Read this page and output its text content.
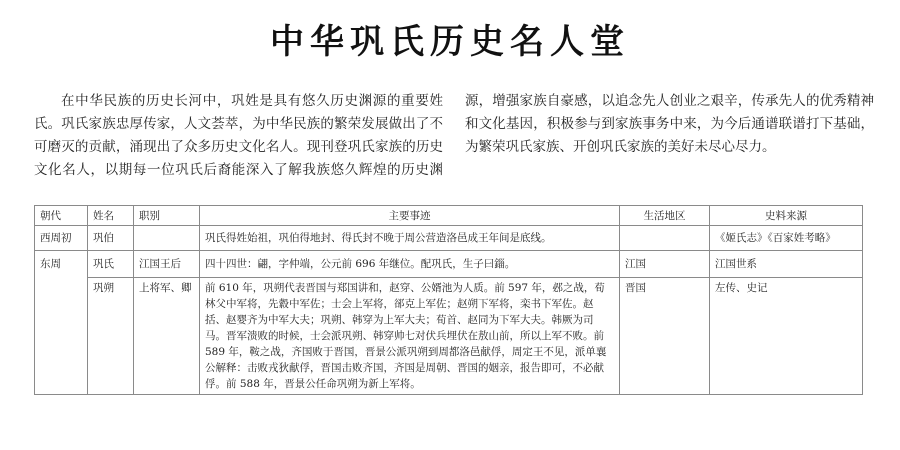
中华巩氏历史名人堂

在中华民族的历史长河中，巩姓是具有悠久历史渊源的重要姓氏。巩氏家族忠厚传家，人文荟萃，为中华民族的繁荣发展做出了不可磨灭的贡献，涌现出了众多历史文化名人。现刊登巩氏家族的历史文化名人，以期每一位巩氏后裔能深入了解我族悠久辉煌的历史渊源，增强家族自豪感，以追念先人创业之艰辛，传承先人的优秀精神和文化基因，积极参与到家族事务中来，为今后通谱联谱打下基础，为繁荣巩氏家族、开创巩氏家族的美好未尽心尽力。

朝代	姓名	职别	主要事迹	生活地区	史料来源
西周初	巩伯		巩氏得姓始祖，巩伯得地封、得氏封不晚于周公营造洛邑成王年间是底线。		《姬氏志》《百家姓考略》
东周	巩氏	江国王后	四十四世：翩，字仲端，公元前 696 年继位。配巩氏，生子曰錙。	江国	江国世系
	巩朔	上将军、卿	前 610 年，巩朔代表晋国与郑国讲和，赵穿、公婿池为人质。前 597 年，邲之战，荀林父中军将，先縠中军佐；士会上军将，郤克上军佐；赵朔下军将，栾书下军佐。赵括、赵婴齐为中军大夫；巩朔、韩穿为上军大夫；荀首、赵同为下军大夫。韩厥为司马。晋军溃败的时候，士会派巩朔、韩穿帅七对伏兵埋伏在敖山前，所以上军不败。前 589 年，鞍之战，齐国败于晋国，晋景公派巩朔到周都洛邑献俘，周定王不见，派单襄公解释：击败戎狄献俘，晋国击败齐国，齐国是周朝、晋国的姻亲，报告即可，不必献俘。前 588 年，晋景公任命巩朔为新上军将。	晋国	左传、史记
